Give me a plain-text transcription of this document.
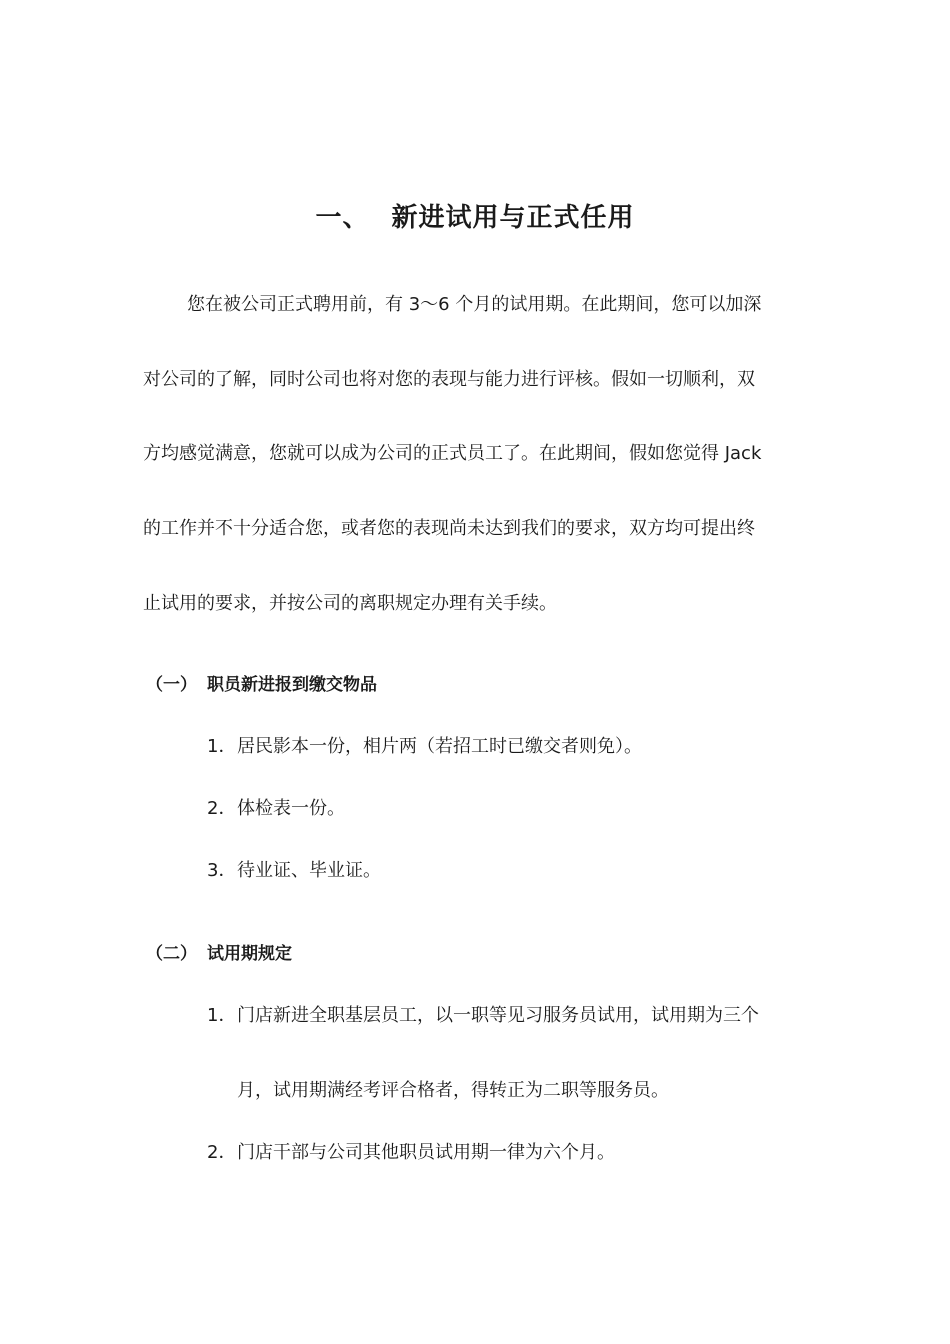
一、 新进试用与正式任用
您在被公司正式聘用前，有 3～6 个月的试用期。在此期间，您可以加深
对公司的了解，同时公司也将对您的表现与能力进行评核。假如一切顺利，双
方均感觉满意，您就可以成为公司的正式员工了。在此期间，假如您觉得 Jack
的工作并不十分适合您，或者您的表现尚未达到我们的要求，双方均可提出终
止试用的要求，并按公司的离职规定办理有关手续。
（一） 职员新进报到缴交物品
1．居民影本一份，相片两（若招工时已缴交者则免）。
2．体检表一份。
3．待业证、毕业证。
（二） 试用期规定
1．门店新进全职基层员工，以一职等见习服务员试用，试用期为三个
月，试用期满经考评合格者，得转正为二职等服务员。
2．门店干部与公司其他职员试用期一律为六个月。
